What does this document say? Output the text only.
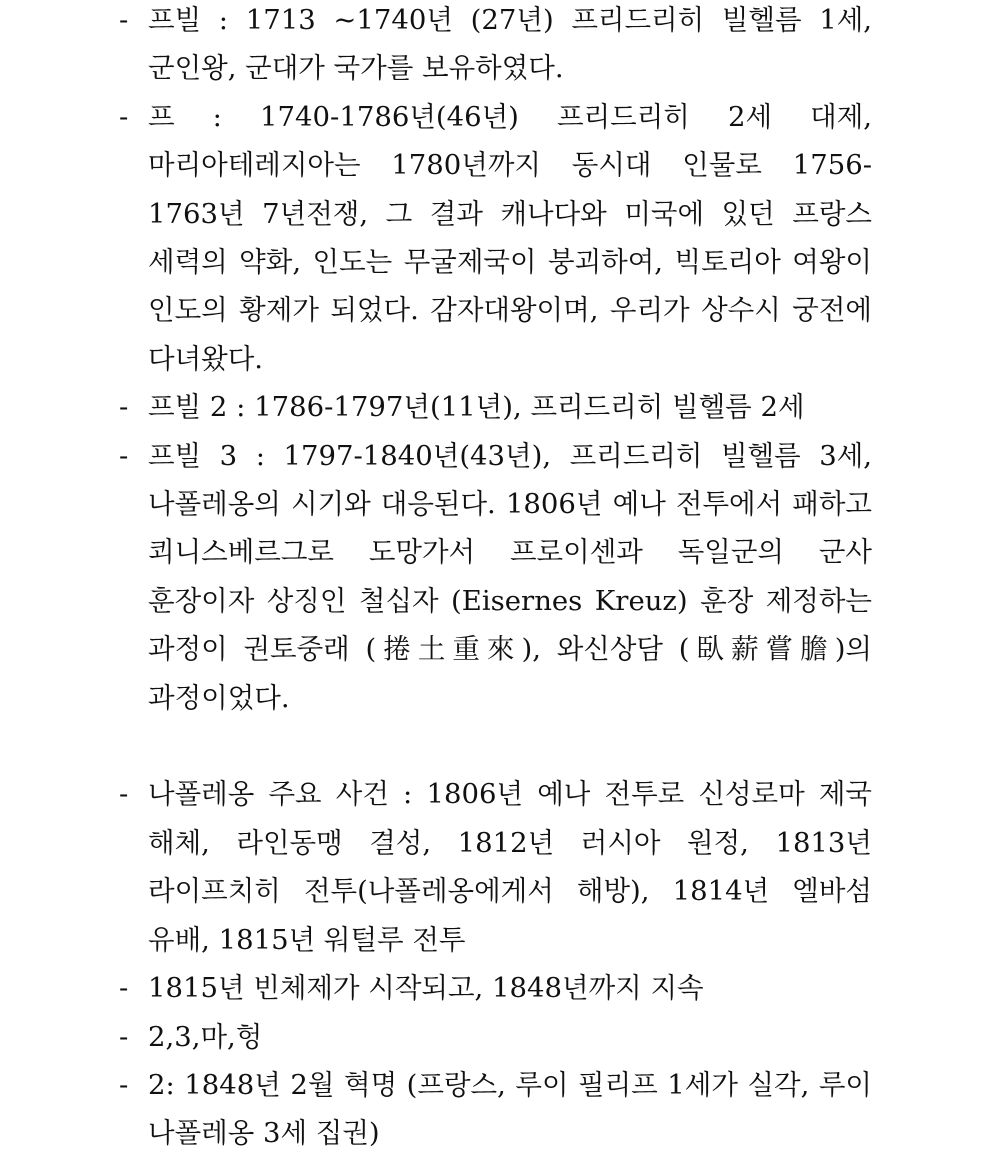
- 프빌 : 1713 ~1740년 (27년) 프리드리히 빌헬름 1세, 군인왕, 군대가 국가를 보유하였다.
- 프 : 1740-1786년(46년) 프리드리히 2세 대제, 마리아테레지아는 1780년까지 동시대 인물로 1756-1763년 7년전쟁, 그 결과 캐나다와 미국에 있던 프랑스 세력의 약화, 인도는 무굴제국이 붕괴하여, 빅토리아 여왕이 인도의 황제가 되었다. 감자대왕이며, 우리가 상수시 궁전에 다녀왔다.
- 프빌 2 : 1786-1797년(11년), 프리드리히 빌헬름 2세
- 프빌 3 : 1797-1840년(43년), 프리드리히 빌헬름 3세, 나폴레옹의 시기와 대응된다. 1806년 예나 전투에서 패하고 쾨니스베르그로 도망가서 프로이센과 독일군의 군사 훈장이자 상징인 철십자 (Eisernes Kreuz) 훈장 제정하는 과정이 권토중래 (捲土重來), 와신상담 (臥薪嘗膽)의 과정이었다.
- 나폴레옹 주요 사건 : 1806년 예나 전투로 신성로마 제국 해체, 라인동맹 결성, 1812년 러시아 원정, 1813년 라이프치히 전투(나폴레옹에게서 해방), 1814년 엘바섬 유배, 1815년 워털루 전투
- 1815년 빈체제가 시작되고, 1848년까지 지속
- 2,3,마,헝
- 2: 1848년 2월 혁명 (프랑스, 루이 필리프 1세가 실각, 루이 나폴레옹 3세 집권)
